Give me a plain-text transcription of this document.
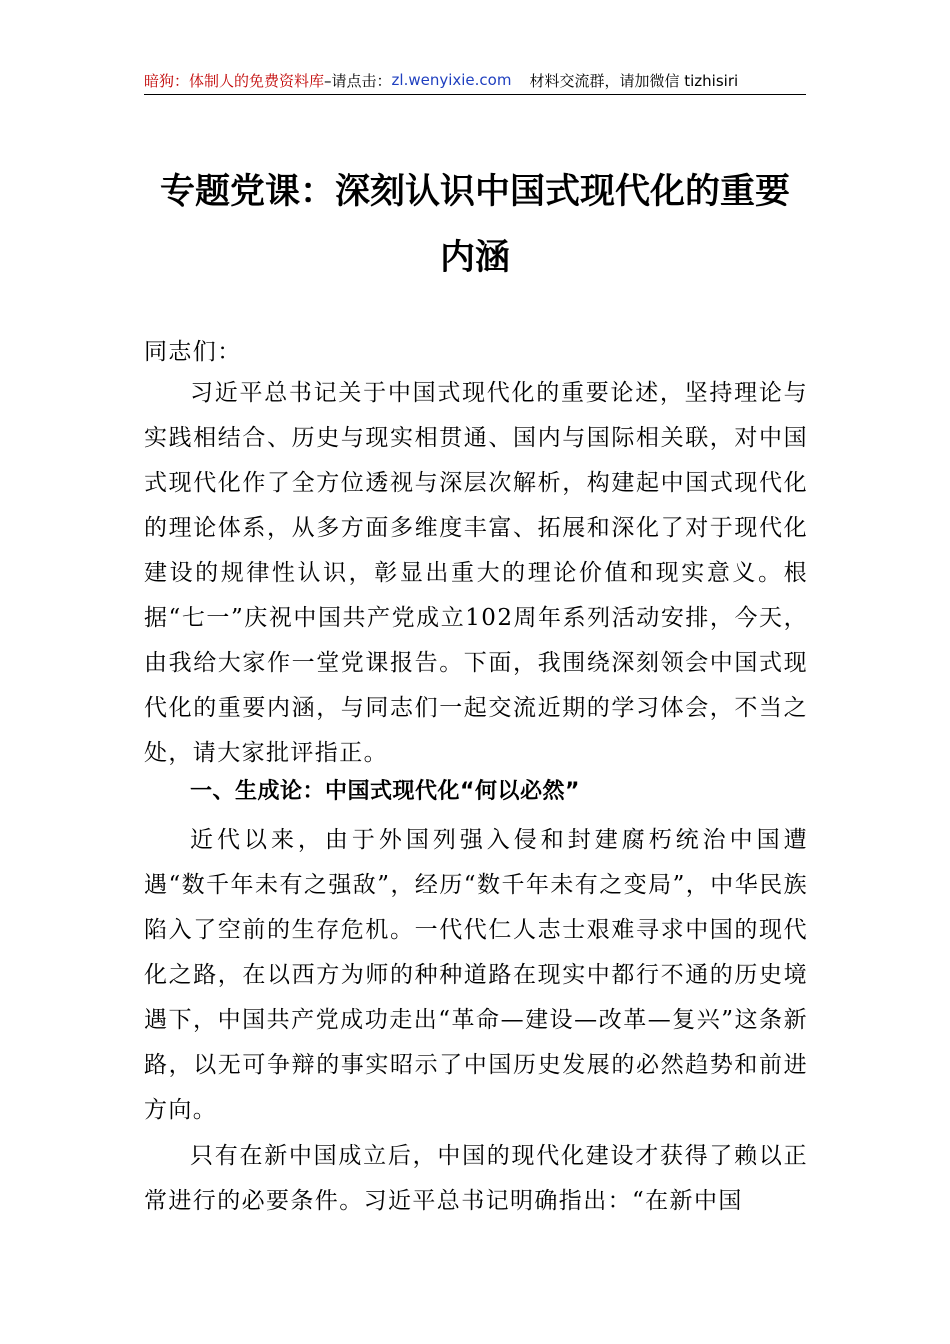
暗狗：体制人的免费资料库 –请点击： zl.wenyixie.com 材料交流群，请加微信 tizhisiri
专题党课：深刻认识中国式现代化的重要
内涵
同志们：
习近平总书记关于中国式现代化的重要论述，坚持理论与实践相结合、历史与现实相贯通、国内与国际相关联，对中国式现代化作了全方位透视与深层次解析，构建起中国式现代化的理论体系，从多方面多维度丰富、拓展和深化了对于现代化建设的规律性认识，彰显出重大的理论价值和现实意义。根据“七一”庆祝中国共产党成立102周年系列活动安排，今天，由我给大家作一堂党课报告。下面，我围绕深刻领会中国式现代化的重要内涵，与同志们一起交流近期的学习体会，不当之处，请大家批评指正。
一、生成论：中国式现代化“何以必然”
近代以来，由于外国列强入侵和封建腐朽统治中国遭遇“数千年未有之强敌”，经历“数千年未有之变局”，中华民族陷入了空前的生存危机。一代代仁人志士艰难寻求中国的现代化之路，在以西方为师的种种道路在现实中都行不通的历史境遇下，中国共产党成功走出“革命—建设—改革—复兴”这条新路，以无可争辩的事实昭示了中国历史发展的必然趋势和前进方向。
只有在新中国成立后，中国的现代化建设才获得了赖以正常进行的必要条件。习近平总书记明确指出：“在新中国
